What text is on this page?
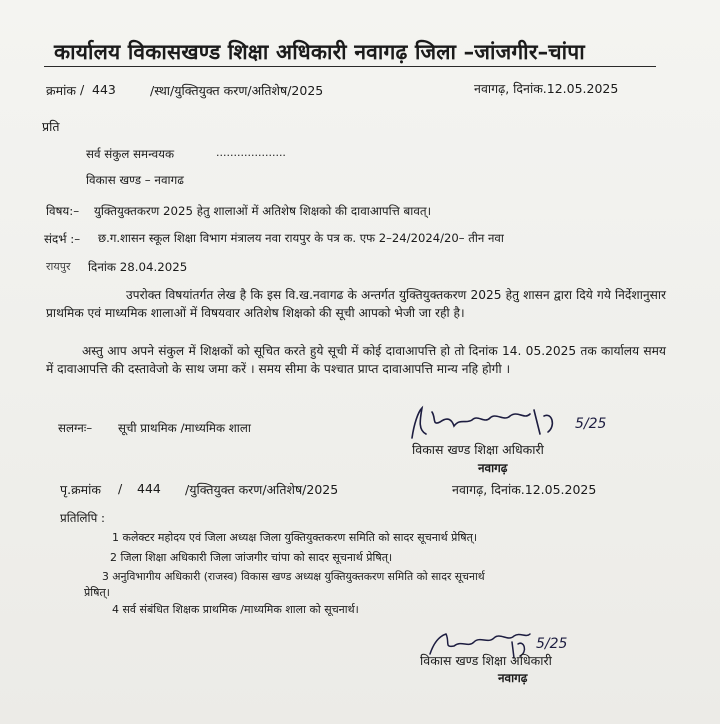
कार्यालय विकासखण्ड शिक्षा अधिकारी नवागढ़ जिला –जांजगीर–चांपा
क्रमांक / 443	/स्था/युक्तियुक्त करण/अतिशेष/2025	नवागढ़, दिनांक.12.05.2025
प्रति
सर्व संकुल समन्वयक	....................
विकास खण्ड – नवागढ
विषय:– युक्तियुक्तकरण 2025 हेतु शालाओं में अतिशेष शिक्षको की दावाआपत्ति बावत्।
संदर्भ :– छ.ग.शासन स्कूल शिक्षा विभाग मंत्रालय नवा रायपुर के पत्र क. एफ 2–24/2024/20– तीन नवा
रायपुर दिनांक 28.04.2025

उपरोक्त विषयांतर्गत लेख है कि इस वि.ख.नवागढ के अन्तर्गत युक्तियुक्तकरण 2025 हेतु शासन द्वारा दिये गये निर्देशानुसार प्राथमिक एवं माध्यमिक शालाओं में विषयवार अतिशेष शिक्षको की सूची आपको भेजी जा रही है।

अस्तु आप अपने संकुल में शिक्षकों को सूचित करते हुये सूची में कोई दावाआपत्ति हो तो दिनांक 14. 05.2025 तक कार्यालय समय में दावाआपत्ति की दस्तावेजो के साथ जमा करें । समय सीमा के पश्चात प्राप्त दावाआपत्ति मान्य नहि होगी ।

सलग्नः– सूची प्राथमिक /माध्यमिक शाला	5/25
विकास खण्ड शिक्षा अधिकारी
नवागढ़
पृ.क्रमांक / 444 /युक्तियुक्त करण/अतिशेष/2025	नवागढ़, दिनांक.12.05.2025
प्रतिलिपि :
1 कलेक्टर महोदय एवं जिला अध्यक्ष जिला युक्तियुक्तकरण समिति को सादर सूचनार्थ प्रेषित्।
2 जिला शिक्षा अधिकारी जिला जांजगीर चांपा को सादर सूचनार्थ प्रेषित्।
3 अनुविभागीय अधिकारी (राजस्व) विकास खण्ड अध्यक्ष युक्तियुक्तकरण समिति को सादर सूचनार्थ
प्रेषित्।
4 सर्व संबंधित शिक्षक प्राथमिक /माध्यमिक शाला को सूचनार्थ।
5/25
विकास खण्ड शिक्षा अधिकारी
नवागढ़
